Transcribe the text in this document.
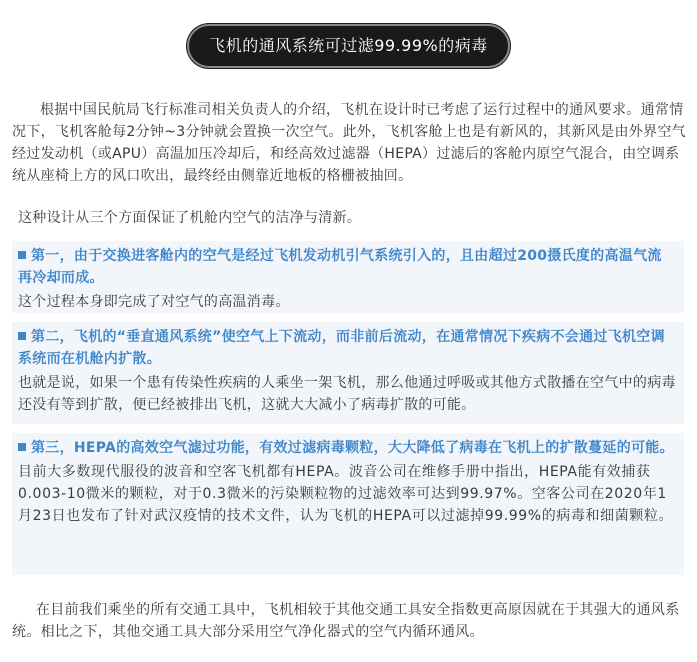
飞机的通风系统可过滤99.99%的病毒

根据中国民航局飞行标准司相关负责人的介绍，飞机在设计时已考虑了运行过程中的通风要求。通常情况下，飞机客舱每2分钟~3分钟就会置换一次空气。此外，飞机客舱上也是有新风的，其新风是由外界空气经过发动机（或APU）高温加压冷却后，和经高效过滤器（HEPA）过滤后的客舱内原空气混合，由空调系统从座椅上方的风口吹出，最终经由侧靠近地板的格栅被抽回。

这种设计从三个方面保证了机舱内空气的洁净与清新。

第一，由于交换进客舱内的空气是经过飞机发动机引气系统引入的，且由超过200摄氏度的高温气流再冷却而成。
这个过程本身即完成了对空气的高温消毒。
第二，飞机的“垂直通风系统”使空气上下流动，而非前后流动，在通常情况下疾病不会通过飞机空调系统而在机舱内扩散。
也就是说，如果一个患有传染性疾病的人乘坐一架飞机，那么他通过呼吸或其他方式散播在空气中的病毒还没有等到扩散，便已经被排出飞机，这就大大减小了病毒扩散的可能。
第三，HEPA的高效空气滤过功能，有效过滤病毒颗粒，大大降低了病毒在飞机上的扩散蔓延的可能。
目前大多数现代服役的波音和空客飞机都有HEPA。波音公司在维修手册中指出，HEPA能有效捕获0.003-10微米的颗粒，对于0.3微米的污染颗粒物的过滤效率可达到99.97%。空客公司在2020年1月23日也发布了针对武汉疫情的技术文件，认为飞机的HEPA可以过滤掉99.99%的病毒和细菌颗粒。

在目前我们乘坐的所有交通工具中，飞机相较于其他交通工具安全指数更高原因就在于其强大的通风系统。相比之下，其他交通工具大部分采用空气净化器式的空气内循环通风。
